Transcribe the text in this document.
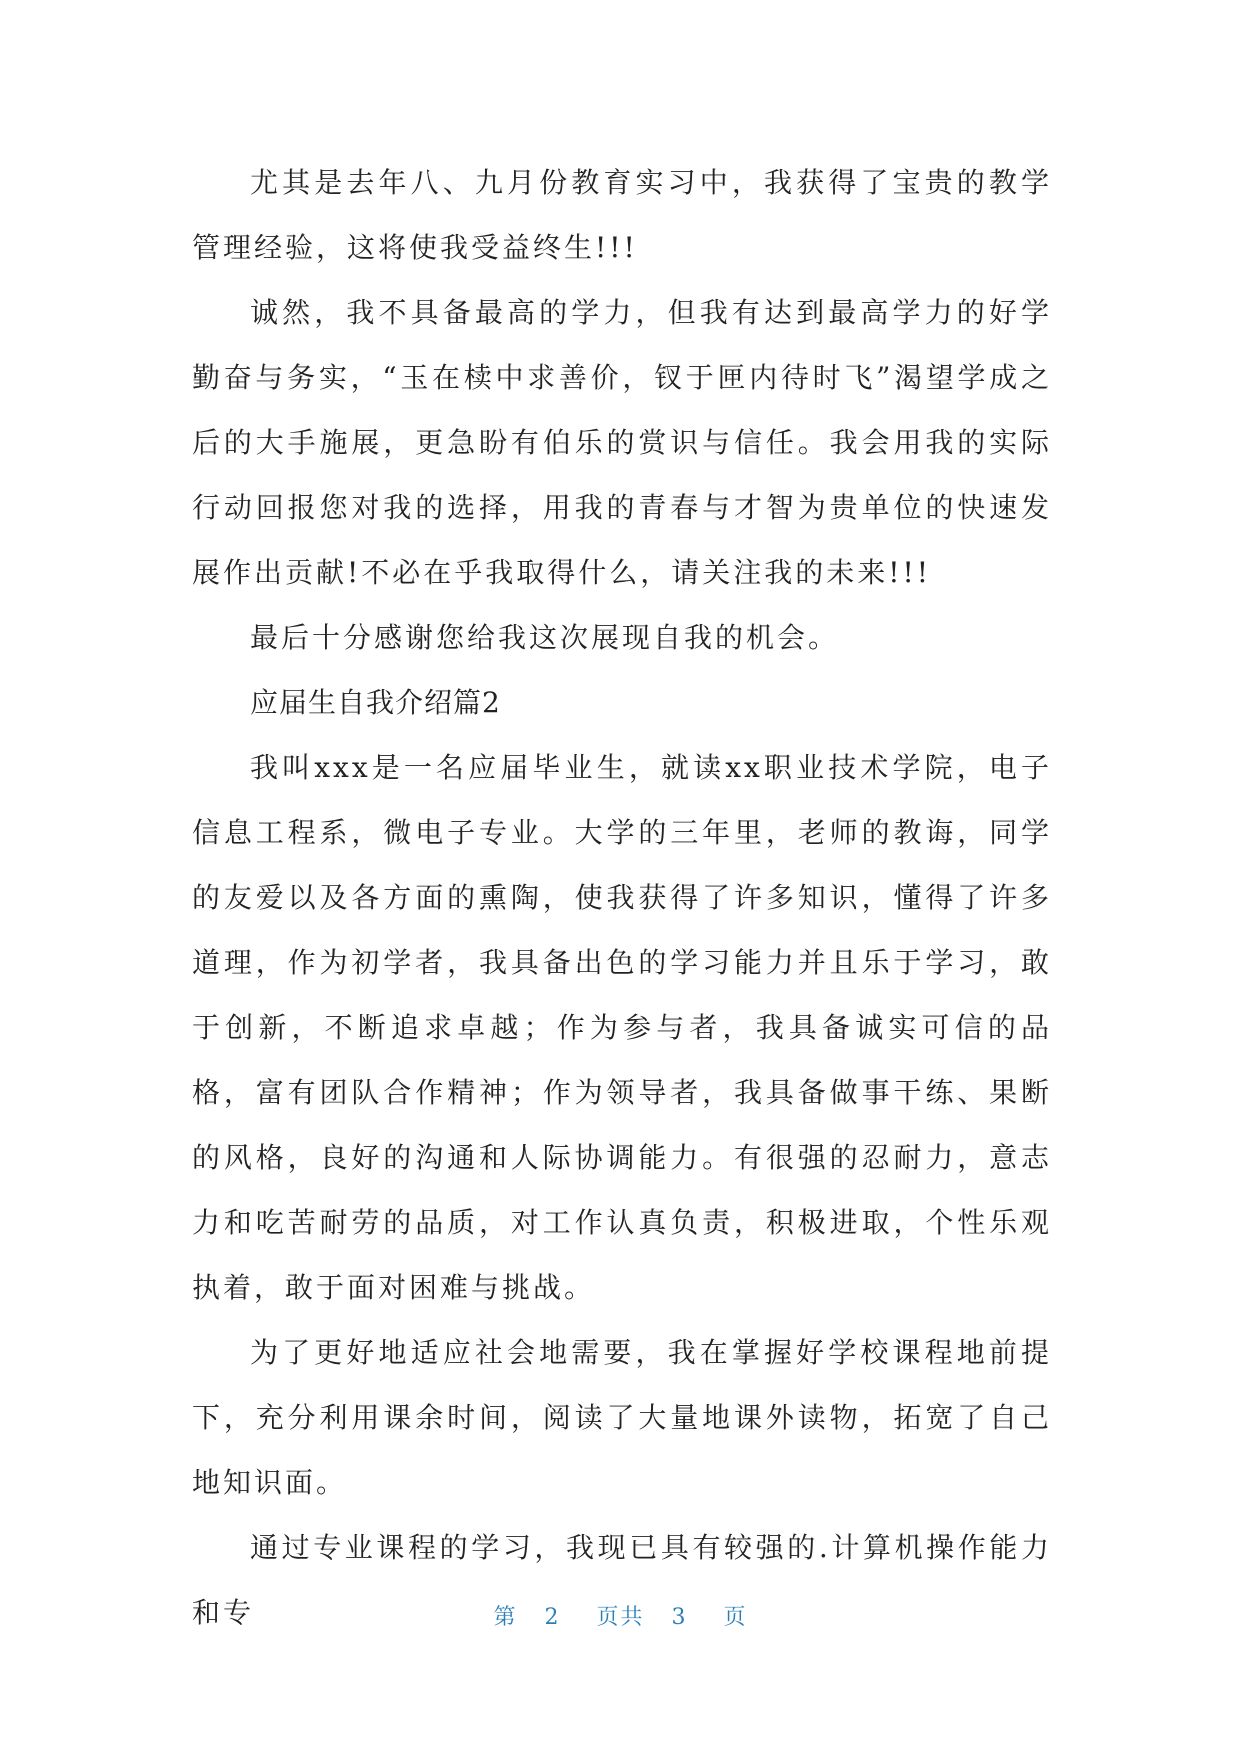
尤其是去年八、九月份教育实习中，我获得了宝贵的教学管理经验，这将使我受益终生!!!

诚然，我不具备最高的学力，但我有达到最高学力的好学勤奋与务实，“玉在椟中求善价，钗于匣内待时飞”渴望学成之后的大手施展，更急盼有伯乐的赏识与信任。我会用我的实际行动回报您对我的选择，用我的青春与才智为贵单位的快速发展作出贡献!不必在乎我取得什么，请关注我的未来!!!

最后十分感谢您给我这次展现自我的机会。

应届生自我介绍篇2

我叫xxx是一名应届毕业生，就读xx职业技术学院，电子信息工程系，微电子专业。大学的三年里，老师的教诲，同学的友爱以及各方面的熏陶，使我获得了许多知识，懂得了许多道理，作为初学者，我具备出色的学习能力并且乐于学习，敢于创新，不断追求卓越；作为参与者，我具备诚实可信的品格，富有团队合作精神；作为领导者，我具备做事干练、果断的风格，良好的沟通和人际协调能力。有很强的忍耐力，意志力和吃苦耐劳的品质，对工作认真负责，积极进取，个性乐观执着，敢于面对困难与挑战。

为了更好地适应社会地需要，我在掌握好学校课程地前提下，充分利用课余时间，阅读了大量地课外读物，拓宽了自己地知识面。

通过专业课程的学习，我现已具有较强的.计算机操作能力和专	第 2 页共 3 页
